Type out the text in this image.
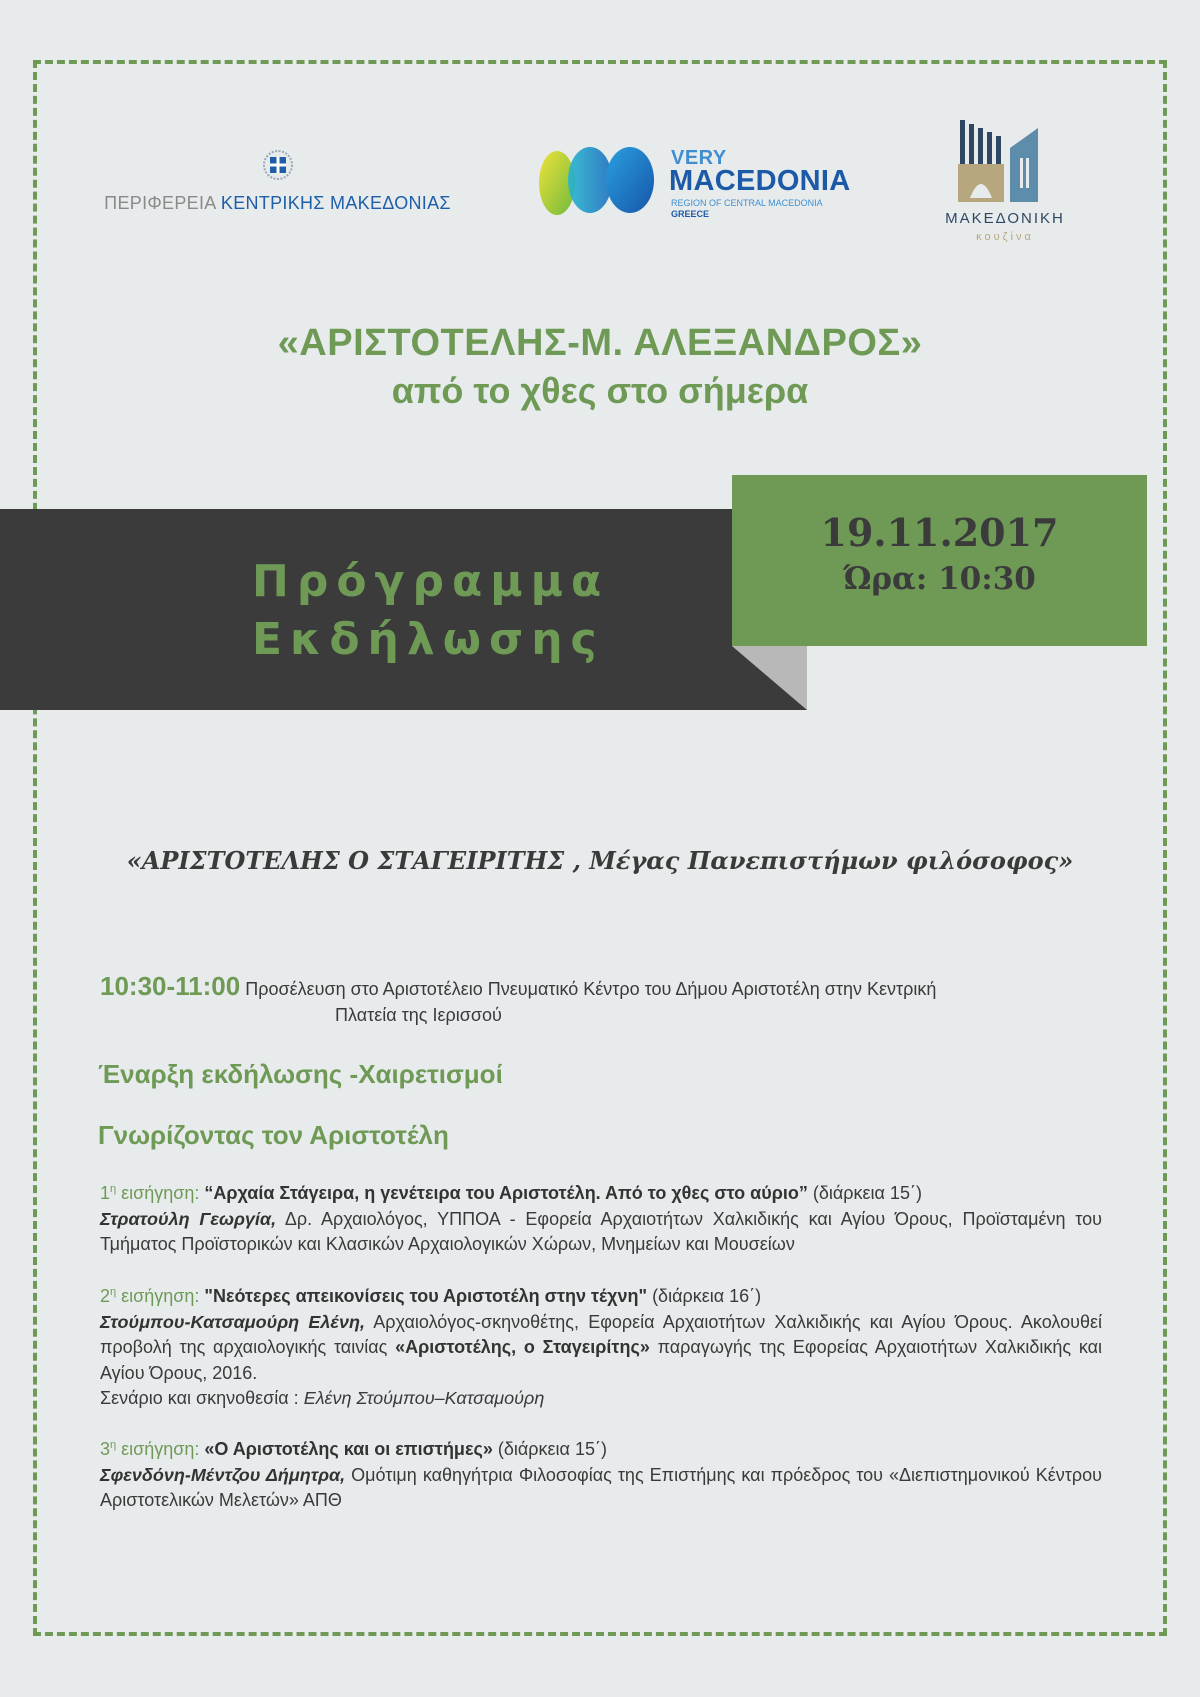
ΠΕΡΙΦΕΡΕΙΑ ΚΕΝΤΡΙΚΗΣ ΜΑΚΕΔΟΝΙΑΣ
VERY
MACEDONIA
REGION OF CENTRAL MACEDONIA
GREECE	ΜΑΚΕΔΟΝΙΚΗ
κουζίνα
«ΑΡΙΣΤΟΤΕΛΗΣ-Μ. ΑΛΕΞΑΝΔΡΟΣ»
από το χθες στο σήμερα
Πρόγραμμα
Εκδήλωσης
19.11.2017
Ώρα: 10:30
«ΑΡΙΣΤΟΤΕΛΗΣ Ο ΣΤΑΓΕΙΡΙΤΗΣ , Μέγας Πανεπιστήμων φιλόσοφος»
10:30-11:00 Προσέλευση στο Αριστοτέλειο Πνευματικό Κέντρο του Δήμου Αριστοτέλη στην Κεντρική
Πλατεία της Ιερισσού
Έναρξη εκδήλωσης -Χαιρετισμοί
Γνωρίζοντας τον Αριστοτέλη
$1^\eta$ εισήγηση: “Αρχαία Στάγειρα, η γενέτειρα του Αριστοτέλη. Από το χθες στο αύριο” (διάρκεια 15΄)
Στρατούλη Γεωργία, Δρ. Αρχαιολόγος, ΥΠΠΟΑ - Εφορεία Αρχαιοτήτων Χαλκιδικής και Αγίου Όρους, Προϊσταμένη του Τμήματος Προϊστορικών και Κλασικών Αρχαιολογικών Χώρων, Μνημείων και Μουσείων
$2^\eta$ εισήγηση: "Νεότερες απεικονίσεις του Αριστοτέλη στην τέχνη" (διάρκεια 16΄)
Στούμπου-Κατσαμούρη Ελένη, Αρχαιολόγος-σκηνοθέτης, Εφορεία Αρχαιοτήτων Χαλκιδικής και Αγίου Όρους. Ακολουθεί προβολή της αρχαιολογικής ταινίας «Αριστοτέλης, ο Σταγειρίτης» παραγωγής της Εφορείας Αρχαιοτήτων Χαλκιδικής και Αγίου Όρους, 2016.
Σενάριο και σκηνοθεσία : Ελένη Στούμπου–Κατσαμούρη
$3^\eta$ εισήγηση: «Ο Αριστοτέλης και οι επιστήμες» (διάρκεια 15΄)
Σφενδόνη-Μέντζου Δήμητρα, Ομότιμη καθηγήτρια Φιλοσοφίας της Επιστήμης και πρόεδρος του «Διεπιστημονικού Κέντρου Αριστοτελικών Μελετών» ΑΠΘ
